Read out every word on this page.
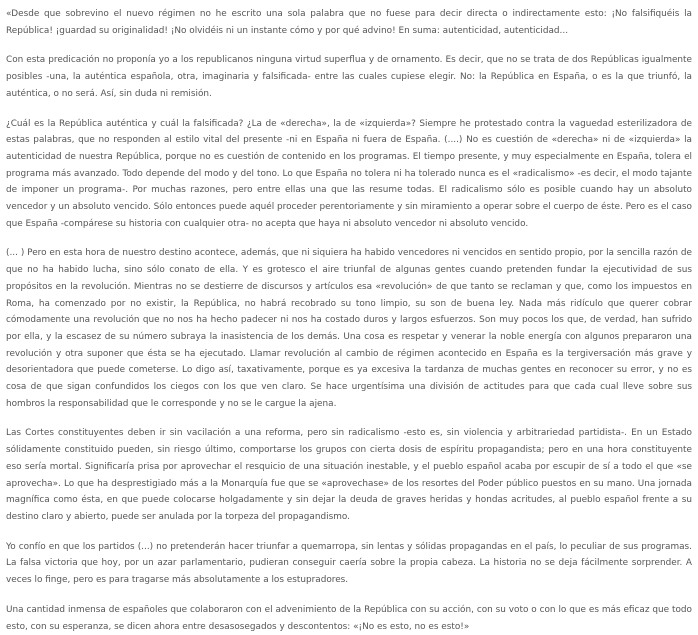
«Desde que sobrevino el nuevo régimen no he escrito una sola palabra que no fuese para decir directa o indirectamente esto: ¡No falsifiquéis la República! ¡guardad su originalidad! ¡No olvidéis ni un instante cómo y por qué advino! En suma: autenticidad, autenticidad...

Con esta predicación no proponía yo a los republicanos ninguna virtud superflua y de ornamento. Es decir, que no se trata de dos Repúblicas igualmente posibles -una, la auténtica española, otra, imaginaria y falsificada- entre las cuales cupiese elegir. No: la República en España, o es la que triunfó, la auténtica, o no será. Así, sin duda ni remisión.

¿Cuál es la República auténtica y cuál la falsificada? ¿La de «derecha», la de «izquierda»? Siempre he protestado contra la vaguedad esterilizadora de estas palabras, que no responden al estilo vital del presente -ni en España ni fuera de España. (....) No es cuestión de «derecha» ni de «izquierda» la autenticidad de nuestra República, porque no es cuestión de contenido en los programas. El tiempo presente, y muy especialmente en España, tolera el programa más avanzado. Todo depende del modo y del tono. Lo que España no tolera ni ha tolerado nunca es el «radicalismo» -es decir, el modo tajante de imponer un programa-. Por muchas razones, pero entre ellas una que las resume todas. El radicalismo sólo es posible cuando hay un absoluto vencedor y un absoluto vencido. Sólo entonces puede aquél proceder perentoriamente y sin miramiento a operar sobre el cuerpo de éste. Pero es el caso que España -compárese su historia con cualquier otra- no acepta que haya ni absoluto vencedor ni absoluto vencido.

(... ) Pero en esta hora de nuestro destino acontece, además, que ni siquiera ha habido vencedores ni vencidos en sentido propio, por la sencilla razón de que no ha habido lucha, sino sólo conato de ella. Y es grotesco el aire triunfal de algunas gentes cuando pretenden fundar la ejecutividad de sus propósitos en la revolución. Mientras no se destierre de discursos y artículos esa «revolución» de que tanto se reclaman y que, como los impuestos en Roma, ha comenzado por no existir, la República, no habrá recobrado su tono limpio, su son de buena ley. Nada más ridículo que querer cobrar cómodamente una revolución que no nos ha hecho padecer ni nos ha costado duros y largos esfuerzos. Son muy pocos los que, de verdad, han sufrido por ella, y la escasez de su número subraya la inasistencia de los demás. Una cosa es respetar y venerar la noble energía con algunos prepararon una revolución y otra suponer que ésta se ha ejecutado. Llamar revolución al cambio de régimen acontecido en España es la tergiversación más grave y desorientadora que puede cometerse. Lo digo así, taxativamente, porque es ya excesiva la tardanza de muchas gentes en reconocer su error, y no es cosa de que sigan confundidos los ciegos con los que ven claro. Se hace urgentísima una división de actitudes para que cada cual lleve sobre sus hombros la responsabilidad que le corresponde y no se le cargue la ajena.

Las Cortes constituyentes deben ir sin vacilación a una reforma, pero sin radicalismo -esto es, sin violencia y arbitrariedad partidista-. En un Estado sólidamente constituido pueden, sin riesgo último, comportarse los grupos con cierta dosis de espíritu propagandista; pero en una hora constituyente eso sería mortal. Significaría prisa por aprovechar el resquicio de una situación inestable, y el pueblo español acaba por escupir de sí a todo el que «se aprovecha». Lo que ha desprestigiado más a la Monarquía fue que se «aprovechase» de los resortes del Poder público puestos en su mano. Una jornada magnífica como ésta, en que puede colocarse holgadamente y sin dejar la deuda de graves heridas y hondas acritudes, al pueblo español frente a su destino claro y abierto, puede ser anulada por la torpeza del propagandismo.

Yo confío en que los partidos (...) no pretenderán hacer triunfar a quemarropa, sin lentas y sólidas propagandas en el país, lo peculiar de sus programas. La falsa victoria que hoy, por un azar parlamentario, pudieran conseguir caería sobre la propia cabeza. La historia no se deja fácilmente sorprender. A veces lo finge, pero es para tragarse más absolutamente a los estupradores.

Una cantidad inmensa de españoles que colaboraron con el advenimiento de la República con su acción, con su voto o con lo que es más eficaz que todo esto, con su esperanza, se dicen ahora entre desasosegados y descontentos: «¡No es esto, no es esto!»
